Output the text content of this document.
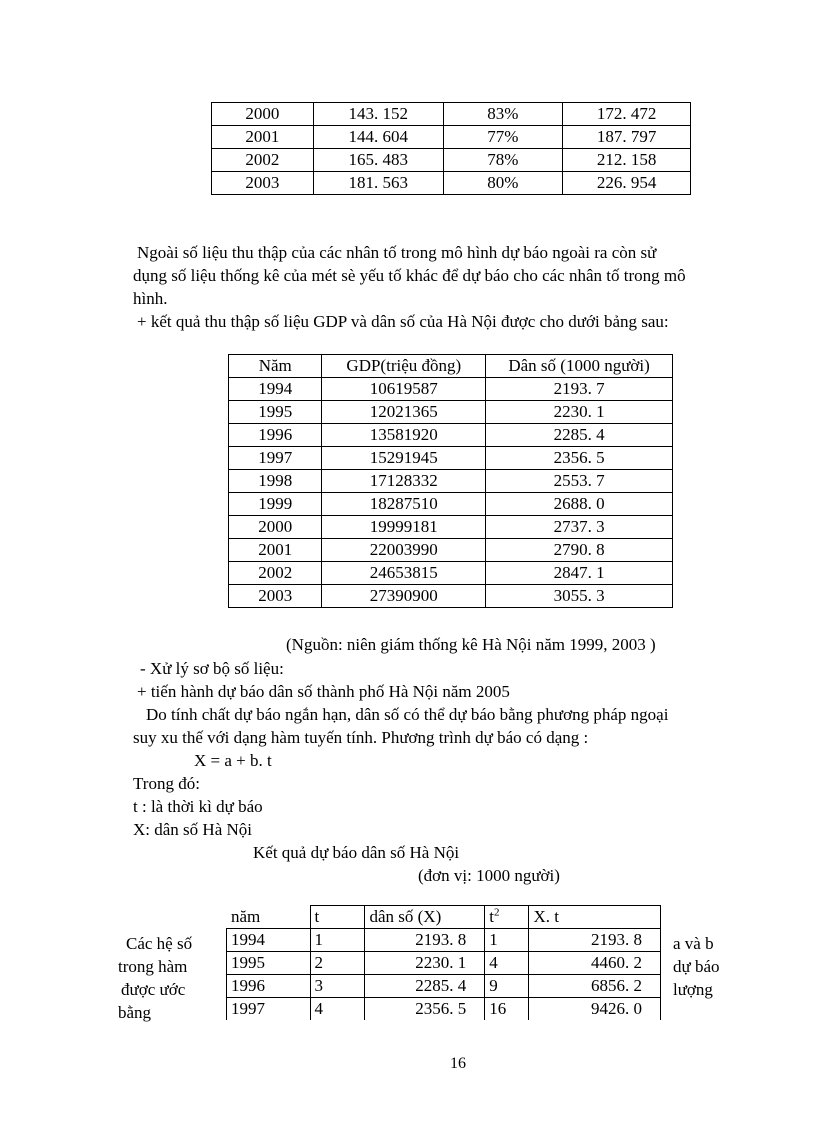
2000	143. 152	83%	172. 472
2001	144. 604	77%	187. 797
2002	165. 483	78%	212. 158
2003	181. 563	80%	226. 954
Ngoài số liệu thu thập của các nhân tố trong mô hình dự báo ngoài ra còn sử
dụng số liệu thống kê của mét sè yếu tố khác để dự báo cho các nhân tố trong mô
hình.
+ kết quả thu thập số liệu GDP và dân số của Hà Nội được cho dưới bảng sau:
Năm	GDP(triệu đồng)	Dân số (1000 người)
1994	10619587	2193. 7
1995	12021365	2230. 1
1996	13581920	2285. 4
1997	15291945	2356. 5
1998	17128332	2553. 7
1999	18287510	2688. 0
2000	19999181	2737. 3
2001	22003990	2790. 8
2002	24653815	2847. 1
2003	27390900	3055. 3
(Nguồn: niên giám thống kê Hà Nội năm 1999, 2003 )
- Xử lý sơ bộ số liệu:
+ tiến hành dự báo dân số thành phố Hà Nội năm 2005
Do tính chất dự báo ngắn hạn, dân số có thể dự báo bằng phương pháp ngoại
suy xu thế với dạng hàm tuyến tính. Phương trình dự báo có dạng :
X = a + b. t
Trong đó:
t : là thời kì dự báo
X: dân số Hà Nội
Kết quả dự báo dân số Hà Nội
(đơn vị: 1000 người)
Các hệ số
trong hàm
được ước
bằng
năm	t	dân số (X)	$t^2$	X. t
1994	1	2193. 8	1	2193. 8
1995	2	2230. 1	4	4460. 2
1996	3	2285. 4	9	6856. 2
1997	4	2356. 5	16	9426. 0
a và b
dự báo
lượng
16
